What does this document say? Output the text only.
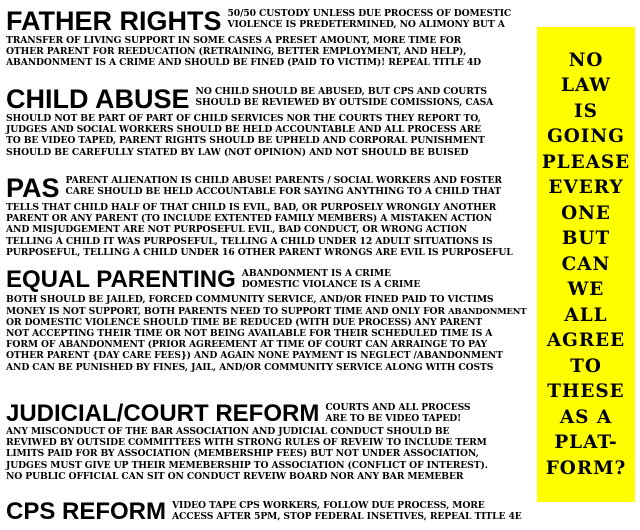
FATHER RIGHTS 50/50 CUSTODY UNLESS DUE PROCESS OF DOMESTIC
VIOLENCE IS PREDETERMINED, NO ALIMONY BUT A
TRANSFER OF LIVING SUPPORT IN SOME CASES A PRESET AMOUNT, MORE TIME FOR
OTHER PARENT FOR REEDUCATION (RETRAINING, BETTER EMPLOYMENT, AND HELP),
ABANDONMENT IS A CRIME AND SHOULD BE FINED (PAID TO VICTIM)! REPEAL TITLE 4D
CHILD ABUSE NO CHILD SHOULD BE ABUSED, BUT CPS AND COURTS
SHOULD BE REVIEWED BY OUTSIDE COMISSIONS, CASA
SHOULD NOT BE PART OF PART OF CHILD SERVICES NOR THE COURTS THEY REPORT TO,
JUDGES AND SOCIAL WORKERS SHOULD BE HELD ACCOUNTABLE AND ALL PROCESS ARE
TO BE VIDEO TAPED, PARENT RIGHTS SHOULD BE UPHELD AND CORPORAL PUNISHMENT
SHOULD BE CAREFULLY STATED BY LAW (NOT OPINION) AND NOT SHOULD BE BUISED
PAS PARENT ALIENATION IS CHILD ABUSE! PARENTS / SOCIAL WORKERS AND FOSTER
CARE SHOULD BE HELD ACCOUNTABLE FOR SAYING ANYTHING TO A CHILD THAT
TELLS THAT CHILD HALF OF THAT CHILD IS EVIL, BAD, OR PURPOSELY WRONGLY ANOTHER
PARENT OR ANY PARENT (TO INCLUDE EXTENTED FAMILY MEMBERS) A MISTAKEN ACTION
AND MISJUDGEMENT ARE NOT PURPOSEFUL EVIL, BAD CONDUCT, OR WRONG ACTION
TELLING A CHILD IT WAS PURPOSEFUL, TELLING A CHILD UNDER 12 ADULT SITUATIONS IS
PURPOSEFUL, TELLING A CHILD UNDER 16 OTHER PARENT WRONGS ARE EVIL IS PURPOSEFUL
EQUAL PARENTING ABANDONMENT IS A CRIME
DOMESTIC VIOLANCE IS A CRIME
BOTH SHOULD BE JAILED, FORCED COMMUNITY SERVICE, AND/OR FINED PAID TO VICTIMS
MONEY IS NOT SUPPORT, BOTH PARENTS NEED TO SUPPORT TIME AND ONLY FOR ABANDONMENT
OR DOMESTIC VIOLENCE SHOULD TIME BE REDUCED (WITH DUE PROCESS) ANY PARENT
NOT ACCEPTING THEIR TIME OR NOT BEING AVAILABLE FOR THEIR SCHEDULED TIME IS A
FORM OF ABANDONMENT (PRIOR AGREEMENT AT TIME OF COURT CAN ARRAINGE TO PAY
OTHER PARENT {DAY CARE FEES}) AND AGAIN NONE PAYMENT IS NEGLECT /ABANDONMENT
AND CAN BE PUNISHED BY FINES, JAIL, AND/OR COMMUNITY SERVICE ALONG WITH COSTS
JUDICIAL/COURT REFORM COURTS AND ALL PROCESS
ARE TO BE VIDEO TAPED!
ANY MISCONDUCT OF THE BAR ASSOCIATION AND JUDICIAL CONDUCT SHOULD BE
REVIWED BY OUTSIDE COMMITTEES WITH STRONG RULES OF REVEIW TO INCLUDE TERM
LIMITS PAID FOR BY ASSOCIATION (MEMBERSHIP FEES) BUT NOT UNDER ASSOCIATION,
JUDGES MUST GIVE UP THEIR MEMEBERSHIP TO ASSOCIATION (CONFLICT OF INTEREST).
NO PUBLIC OFFICIAL CAN SIT ON CONDUCT REVEIW BOARD NOR ANY BAR MEMEBER
CPS REFORM VIDEO TAPE CPS WORKERS, FOLLOW DUE PROCESS, MORE
ACCESS AFTER 5PM, STOP FEDERAL INSETIVES, REPEAL TITLE 4E
NO
LAW
IS
GOING
PLEASE
EVERY
ONE
BUT
CAN
WE
ALL
AGREE
TO
THESE
AS A
PLAT-
FORM?
